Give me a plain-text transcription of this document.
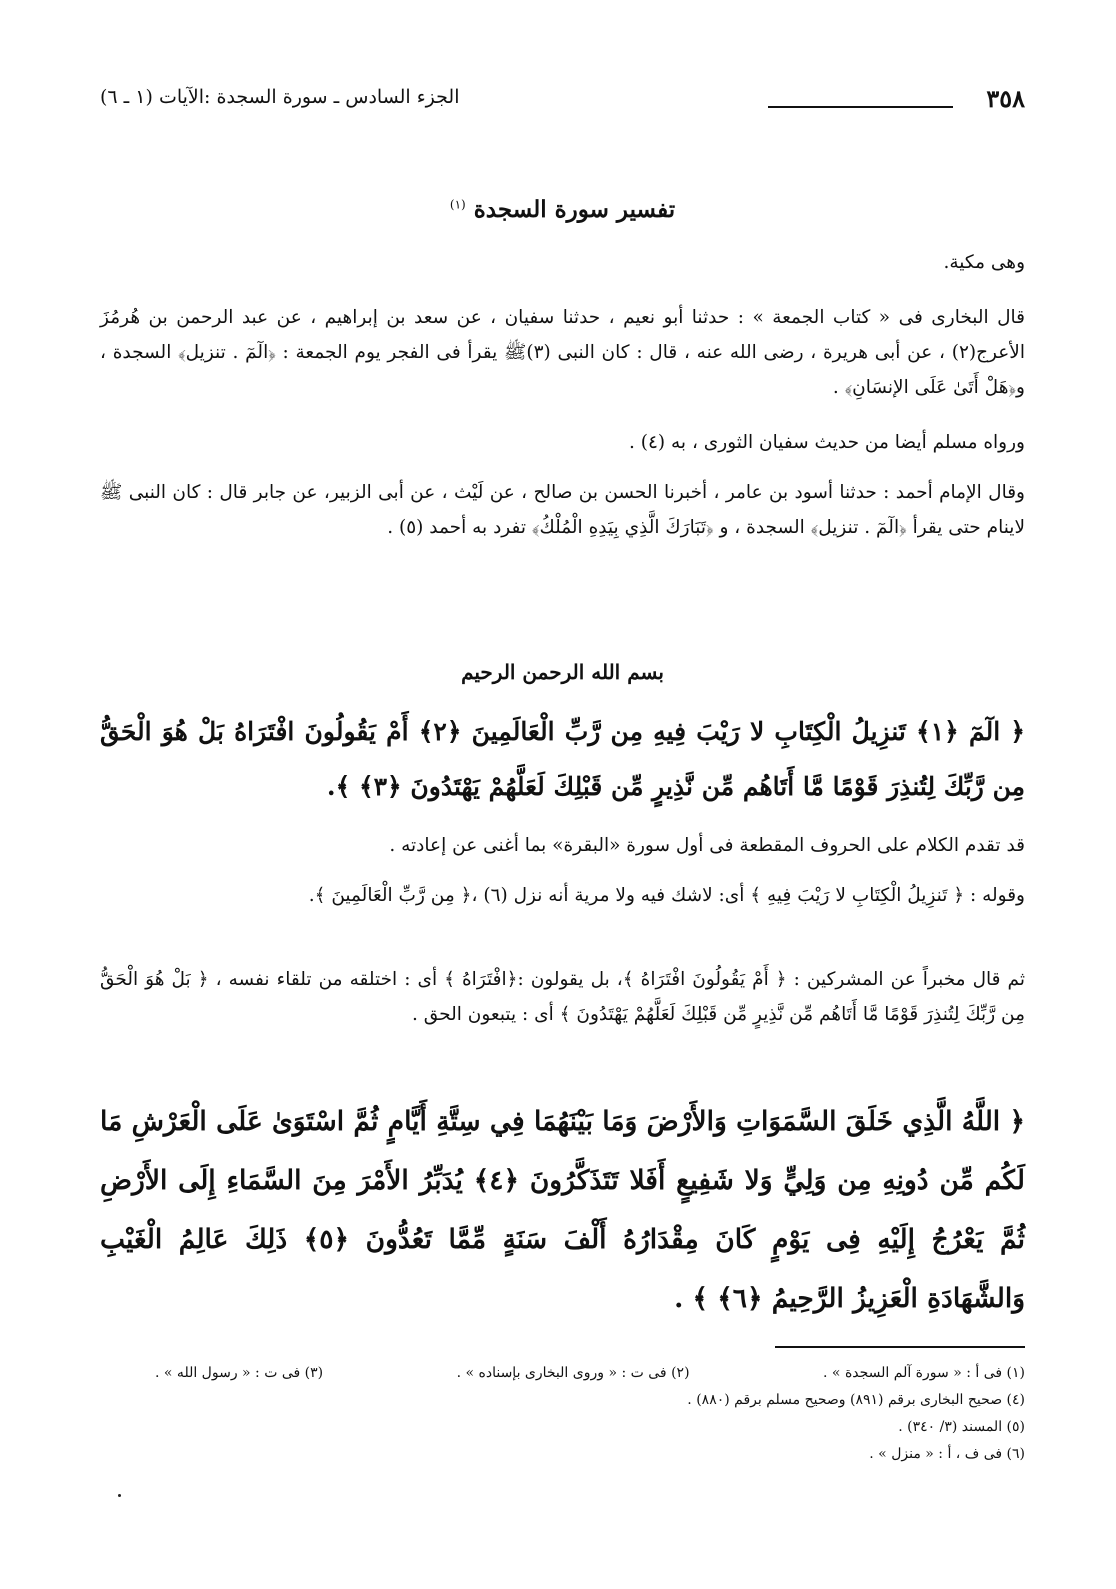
٣٥٨
الجزء السادس ـ سورة السجدة :الآيات (١ ـ ٦)
تفسير سورة السجدة $^{(١)}$
وهى مكية.
قال البخارى فى « كتاب الجمعة » : حدثنا أبو نعيم ، حدثنا سفيان ، عن سعد بن إبراهيم ، عن عبد الرحمن بن هُرمُزَ الأعرج(٢) ، عن أبى هريرة ، رضى الله عنه ، قال : كان النبى (٣)ﷺ يقرأ فى الفجر يوم الجمعة : ﴿الٓمٓ . تنزيل﴾ السجدة ، و﴿هَلْ أَتَىٰ عَلَى الإنسَانِ﴾ .
ورواه مسلم أيضا من حديث سفيان الثورى ، به (٤) .
وقال الإمام أحمد : حدثنا أسود بن عامر ، أخبرنا الحسن بن صالح ، عن لَيْث ، عن أبى الزبير، عن جابر قال : كان النبى ﷺ لاينام حتى يقرأ ﴿الٓمٓ . تنزيل﴾ السجدة ، و ﴿تَبَارَكَ الَّذِي بِيَدِهِ الْمُلْكُ﴾ تفرد به أحمد (٥) .
بسم الله الرحمن الرحيم
﴿ الٓمٓ ﴿١﴾ تَنزِيلُ الْكِتَابِ لا رَيْبَ فِيهِ مِن رَّبِّ الْعَالَمِينَ ﴿٢﴾ أَمْ يَقُولُونَ افْتَرَاهُ بَلْ هُوَ الْحَقُّ مِن رَّبِّكَ لِتُنذِرَ قَوْمًا مَّا أَتَاهُم مِّن نَّذِيرٍ مِّن قَبْلِكَ لَعَلَّهُمْ يَهْتَدُونَ ﴿٣﴾ ﴾.
قد تقدم الكلام على الحروف المقطعة فى أول سورة «البقرة» بما أغنى عن إعادته .
وقوله : ﴿ تَنزِيلُ الْكِتَابِ لا رَيْبَ فِيهِ ﴾ أى: لاشك فيه ولا مرية أنه نزل (٦) ،﴿ مِن رَّبِّ الْعَالَمِينَ ﴾.
ثم قال مخبراً عن المشركين : ﴿ أَمْ يَقُولُونَ افْتَرَاهُ ﴾، بل يقولون :﴿افْتَرَاهُ ﴾ أى : اختلقه من تلقاء نفسه ، ﴿ بَلْ هُوَ الْحَقُّ مِن رَّبِّكَ لِتُنذِرَ قَوْمًا مَّا أَتَاهُم مِّن نَّذِيرٍ مِّن قَبْلِكَ لَعَلَّهُمْ يَهْتَدُونَ ﴾ أى : يتبعون الحق .
﴿ اللَّهُ الَّذِي خَلَقَ السَّمَوَاتِ وَالأَرْضَ وَمَا بَيْنَهُمَا فِي سِتَّةِ أَيَّامٍ ثُمَّ اسْتَوَىٰ عَلَى الْعَرْشِ مَا لَكُم مِّن دُونِهِ مِن وَلِيٍّ وَلا شَفِيعٍ أَفَلا تَتَذَكَّرُونَ ﴿٤﴾ يُدَبِّرُ الأَمْرَ مِنَ السَّمَاءِ إِلَى الأَرْضِ ثُمَّ يَعْرُجُ إِلَيْهِ فِى يَوْمٍ كَانَ مِقْدَارُهُ أَلْفَ سَنَةٍ مِّمَّا تَعُدُّونَ ﴿٥﴾ ذَلِكَ عَالِمُ الْغَيْبِ وَالشَّهَادَةِ الْعَزِيزُ الرَّحِيمُ ﴿٦﴾ ﴾ .
(١) فى أ : « سورة آلم السجدة » .
(٢) فى ت : « وروى البخارى بإسناده » .
(٣) فى ت : « رسول الله » .
(٤) صحيح البخارى برقم (٨٩١) وصحيح مسلم برقم (٨٨٠) .
(٥) المسند (٣/ ٣٤٠) .
(٦) فى ف ، أ : « منزل » .
